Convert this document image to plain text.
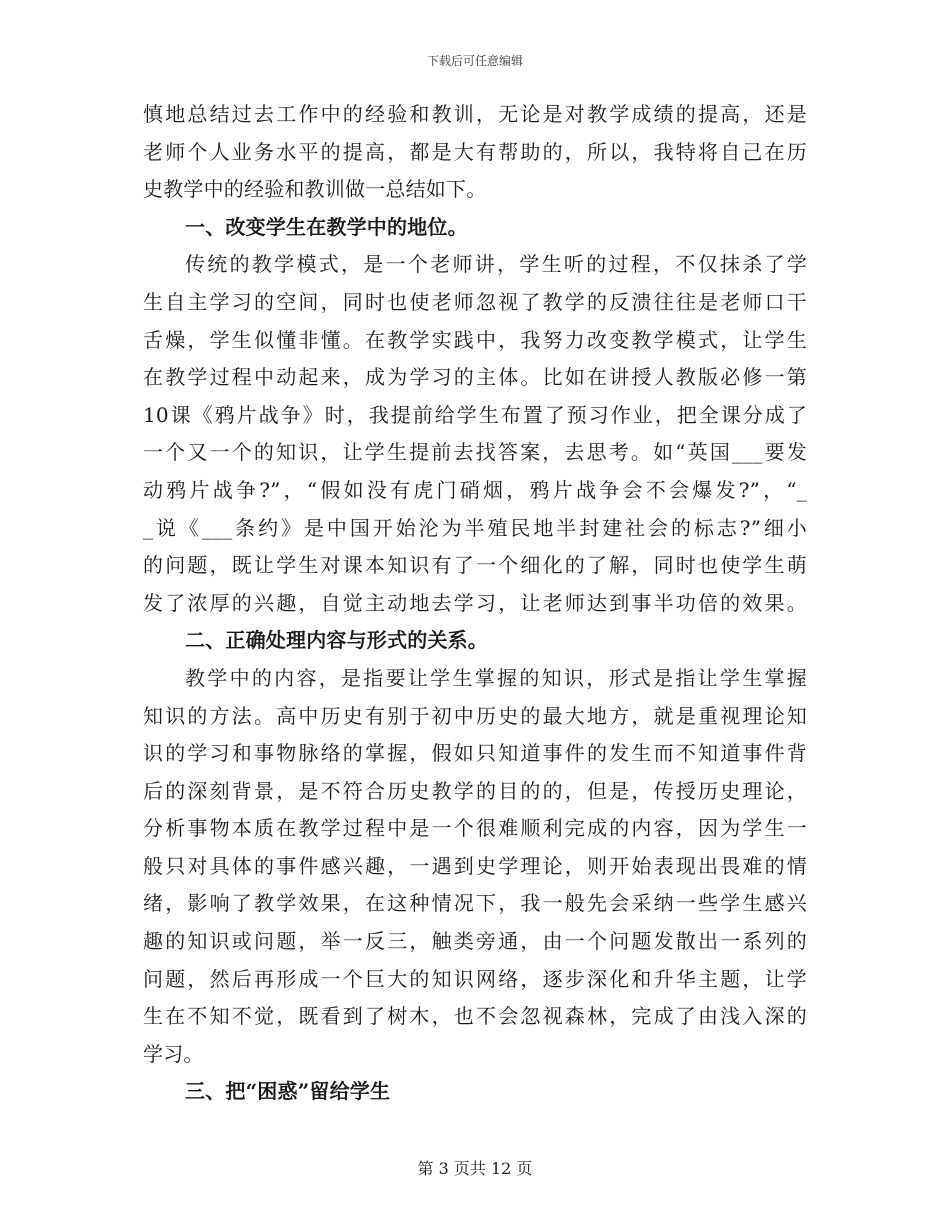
下载后可任意编辑
慎地总结过去工作中的经验和教训，无论是对教学成绩的提高，还是
老师个人业务水平的提高，都是大有帮助的，所以，我特将自己在历
史教学中的经验和教训做一总结如下。
一、改变学生在教学中的地位。
传统的教学模式，是一个老师讲，学生听的过程，不仅抹杀了学
生自主学习的空间，同时也使老师忽视了教学的反溃往往是老师口干
舌燥，学生似懂非懂。在教学实践中，我努力改变教学模式，让学生
在教学过程中动起来，成为学习的主体。比如在讲授人教版必修一第
10课《鸦片战争》时，我提前给学生布置了预习作业，把全课分成了
一个又一个的知识，让学生提前去找答案，去思考。如“英国___要发
动鸦片战争?”，“假如没有虎门硝烟，鸦片战争会不会爆发?”，“_
_说《___条约》是中国开始沦为半殖民地半封建社会的标志?”细小
的问题，既让学生对课本知识有了一个细化的了解，同时也使学生萌
发了浓厚的兴趣，自觉主动地去学习，让老师达到事半功倍的效果。
二、正确处理内容与形式的关系。
教学中的内容，是指要让学生掌握的知识，形式是指让学生掌握
知识的方法。高中历史有别于初中历史的最大地方，就是重视理论知
识的学习和事物脉络的掌握，假如只知道事件的发生而不知道事件背
后的深刻背景，是不符合历史教学的目的的，但是，传授历史理论，
分析事物本质在教学过程中是一个很难顺利完成的内容，因为学生一
般只对具体的事件感兴趣，一遇到史学理论，则开始表现出畏难的情
绪，影响了教学效果，在这种情况下，我一般先会采纳一些学生感兴
趣的知识或问题，举一反三，触类旁通，由一个问题发散出一系列的
问题，然后再形成一个巨大的知识网络，逐步深化和升华主题，让学
生在不知不觉，既看到了树木，也不会忽视森林，完成了由浅入深的
学习。
三、把“困惑”留给学生
第 3 页共 12 页
